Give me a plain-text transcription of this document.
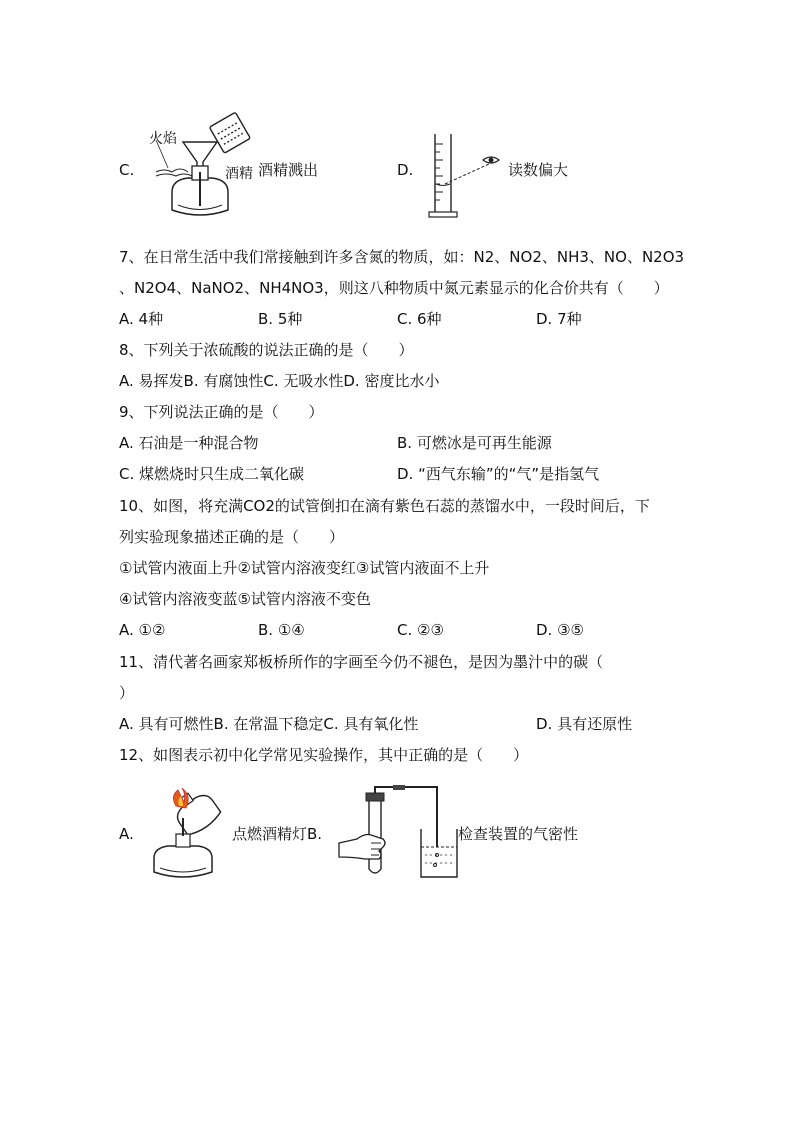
C.
火焰
酒精 酒精溅出	D.	读数偏大
7、在日常生活中我们常接触到许多含氮的物质，如：N2、NO2、NH3、NO、N2O3
、N2O4、NaNO2、NH4NO3，则这八种物质中氮元素显示的化合价共有（　　）
A. 4种	B. 5种	C. 6种	D. 7种
8、下列关于浓硫酸的说法正确的是（　　）
A. 易挥发B. 有腐蚀性C. 无吸水性D. 密度比水小
9、下列说法正确的是（　　）
A. 石油是一种混合物	B. 可燃冰是可再生能源
C. 煤燃烧时只生成二氧化碳	D. “西气东输”的“气”是指氢气
10、如图，将充满CO2的试管倒扣在滴有紫色石蕊的蒸馏水中，一段时间后，下
列实验现象描述正确的是（　　）
①试管内液面上升②试管内溶液变红③试管内液面不上升
④试管内溶液变蓝⑤试管内溶液不变色
A. ①②	B. ①④	C. ②③	D. ③⑤
11、清代著名画家郑板桥所作的字画至今仍不褪色，是因为墨汁中的碳（
）
A. 具有可燃性B. 在常温下稳定C. 具有氧化性	D. 具有还原性
12、如图表示初中化学常见实验操作，其中正确的是（　　）
A.	点燃酒精灯B.	检查装置的气密性
